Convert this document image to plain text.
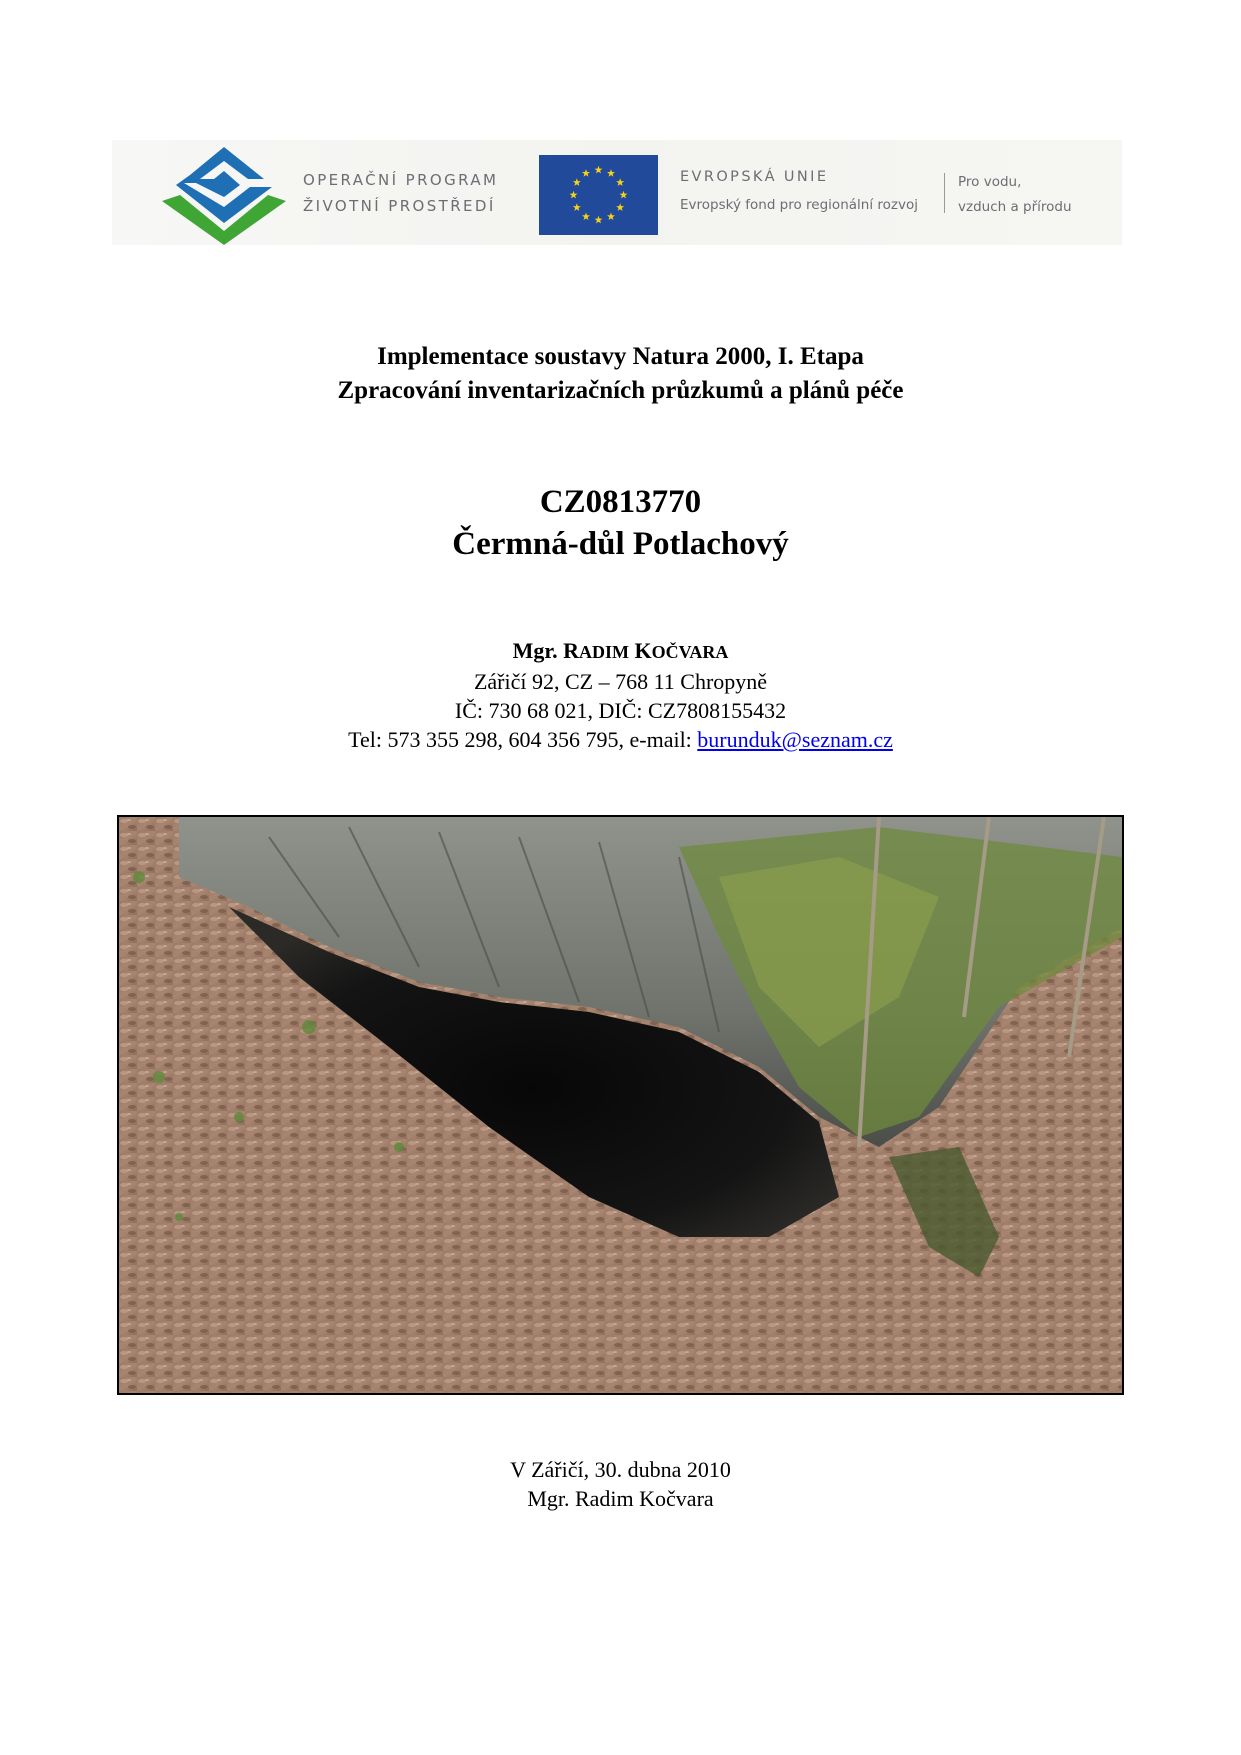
OPERAČNÍ PROGRAM
ŽIVOTNÍ PROSTŘEDÍ
EVROPSKÁ UNIE
Evropský fond pro regionální rozvoj
Pro vodu,
vzduch a přírodu
Implementace soustavy Natura 2000, I. Etapa
Zpracování inventarizačních průzkumů a plánů péče
CZ0813770
Čermná-důl Potlachový
Mgr. RADIM KOČVARA
Zářičí 92, CZ – 768 11 Chropyně
IČ: 730 68 021, DIČ: CZ7808155432
Tel: 573 355 298, 604 356 795, e-mail: burunduk@seznam.cz
V Zářičí, 30. dubna 2010
Mgr. Radim Kočvara
